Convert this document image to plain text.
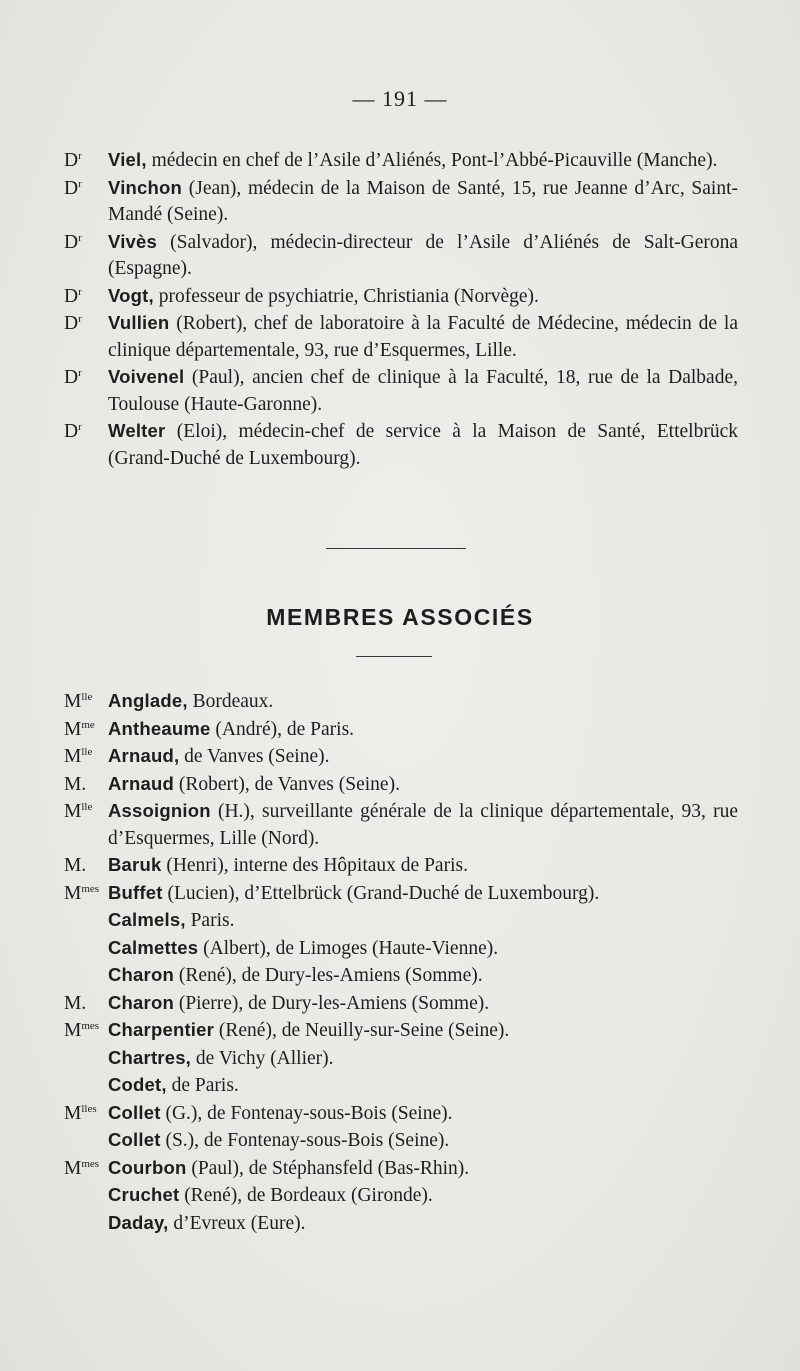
— 191 —
$D^r$ Viel, médecin en chef de l’Asile d’Aliénés, Pont-l’Abbé-Picauville (Manche).
$D^r$ Vinchon (Jean), médecin de la Maison de Santé, 15, rue Jeanne d’Arc, Saint-Mandé (Seine).
$D^r$ Vivès (Salvador), médecin-directeur de l’Asile d’Aliénés de Salt-Gerona (Espagne).
$D^r$ Vogt, professeur de psychiatrie, Christiania (Norvège).
$D^r$ Vullien (Robert), chef de laboratoire à la Faculté de Médecine, médecin de la clinique départementale, 93, rue d’Esquermes, Lille.
$D^r$ Voivenel (Paul), ancien chef de clinique à la Faculté, 18, rue de la Dalbade, Toulouse (Haute-Garonne).
$D^r$ Welter (Eloi), médecin-chef de service à la Maison de Santé, Ettelbrück (Grand-Duché de Luxembourg).
MEMBRES ASSOCIÉS
$M^{lle}$ Anglade, Bordeaux.
$M^{me}$ Antheaume (André), de Paris.
$M^{lle}$ Arnaud, de Vanves (Seine).
M. Arnaud (Robert), de Vanves (Seine).
$M^{lle}$ Assoignion (H.), surveillante générale de la clinique départementale, 93, rue d’Esquermes, Lille (Nord).
M. Baruk (Henri), interne des Hôpitaux de Paris.
$M^{mes}$ Buffet (Lucien), d’Ettelbrück (Grand-Duché de Luxembourg).
Calmels, Paris.
Calmettes (Albert), de Limoges (Haute-Vienne).
Charon (René), de Dury-les-Amiens (Somme).
M. Charon (Pierre), de Dury-les-Amiens (Somme).
$M^{mes}$ Charpentier (René), de Neuilly-sur-Seine (Seine).
Chartres, de Vichy (Allier).
Codet, de Paris.
$M^{lles}$ Collet (G.), de Fontenay-sous-Bois (Seine).
Collet (S.), de Fontenay-sous-Bois (Seine).
$M^{mes}$ Courbon (Paul), de Stéphansfeld (Bas-Rhin).
Cruchet (René), de Bordeaux (Gironde).
Daday, d’Evreux (Eure).
